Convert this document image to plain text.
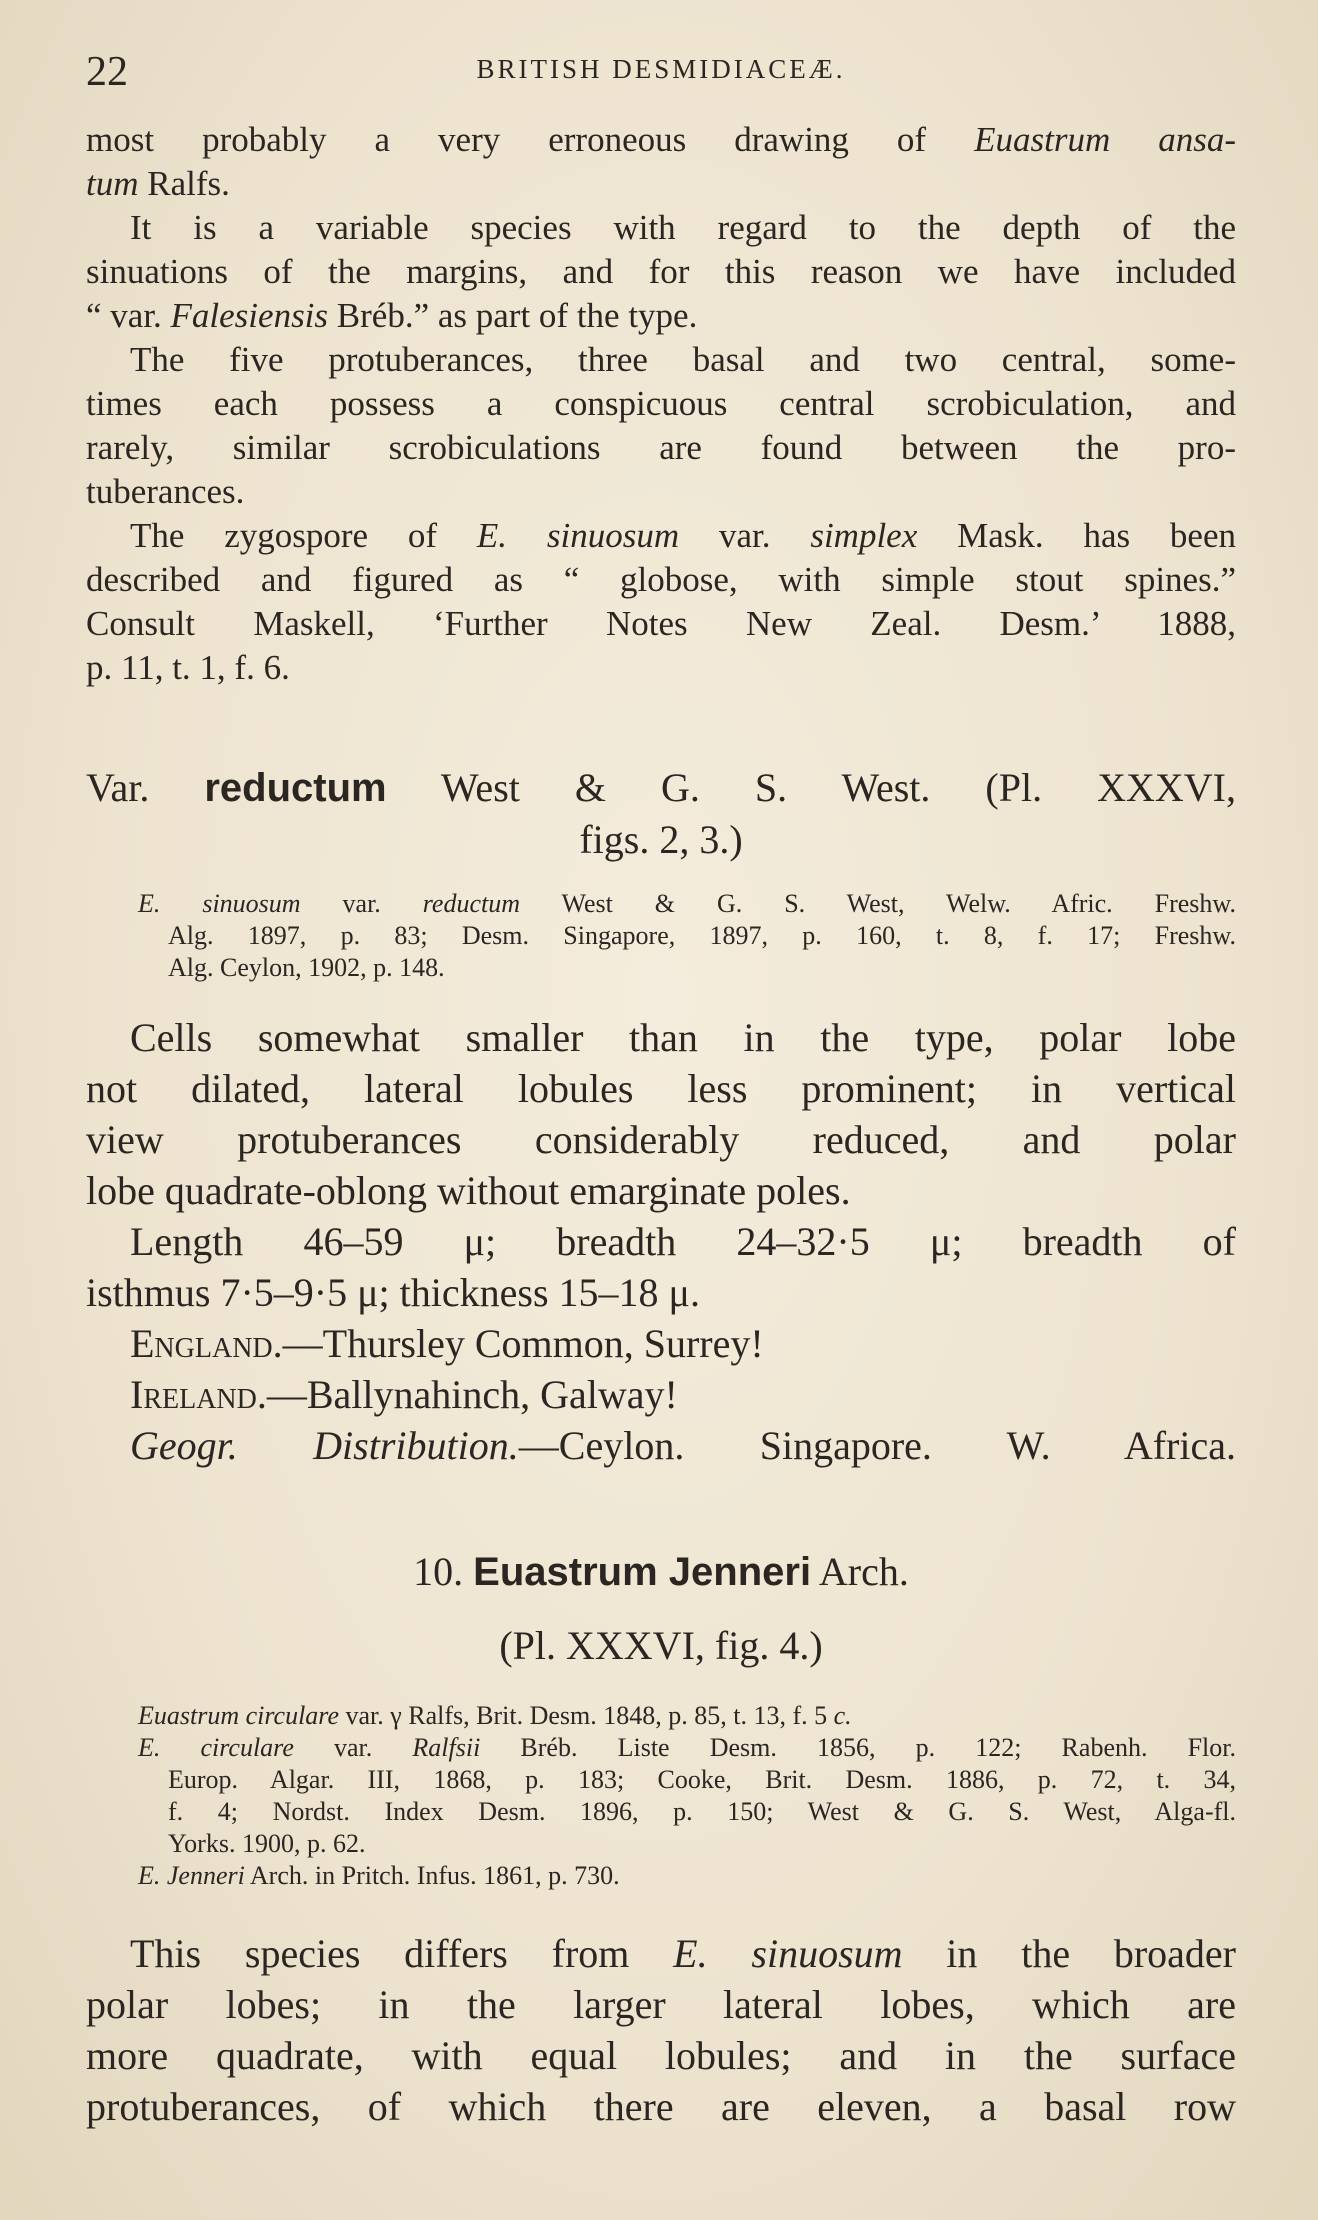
22	BRITISH DESMIDIACEÆ.
most probably a very erroneous drawing of Euastrum ansa-
tum Ralfs.
It is a variable species with regard to the depth of the
sinuations of the margins, and for this reason we have included
“ var. Falesiensis Bréb.” as part of the type.
The five protuberances, three basal and two central, some-
times each possess a conspicuous central scrobiculation, and
rarely, similar scrobiculations are found between the pro-
tuberances.
The zygospore of E. sinuosum var. simplex Mask. has been
described and figured as “ globose, with simple stout spines.”
Consult Maskell, ‘Further Notes New Zeal. Desm.’ 1888,
p. 11, t. 1, f. 6.
Var. reductum West & G. S. West. (Pl. XXXVI,
figs. 2, 3.)
E. sinuosum var. reductum West & G. S. West, Welw. Afric. Freshw.
Alg. 1897, p. 83; Desm. Singapore, 1897, p. 160, t. 8, f. 17; Freshw.
Alg. Ceylon, 1902, p. 148.
Cells somewhat smaller than in the type, polar lobe
not dilated, lateral lobules less prominent; in vertical
view protuberances considerably reduced, and polar
lobe quadrate-oblong without emarginate poles.
Length 46–59 μ; breadth 24–32·5 μ; breadth of
isthmus 7·5–9·5 μ; thickness 15–18 μ.
England.—Thursley Common, Surrey!
Ireland.—Ballynahinch, Galway!
Geogr. Distribution.—Ceylon. Singapore. W. Africa.
10. Euastrum Jenneri Arch.
(Pl. XXXVI, fig. 4.)
Euastrum circulare var. γ Ralfs, Brit. Desm. 1848, p. 85, t. 13, f. 5 c.
E. circulare var. Ralfsii Bréb. Liste Desm. 1856, p. 122; Rabenh. Flor.
Europ. Algar. III, 1868, p. 183; Cooke, Brit. Desm. 1886, p. 72, t. 34,
f. 4; Nordst. Index Desm. 1896, p. 150; West & G. S. West, Alga-fl.
Yorks. 1900, p. 62.
E. Jenneri Arch. in Pritch. Infus. 1861, p. 730.
This species differs from E. sinuosum in the broader
polar lobes; in the larger lateral lobes, which are
more quadrate, with equal lobules; and in the surface
protuberances, of which there are eleven, a basal row
